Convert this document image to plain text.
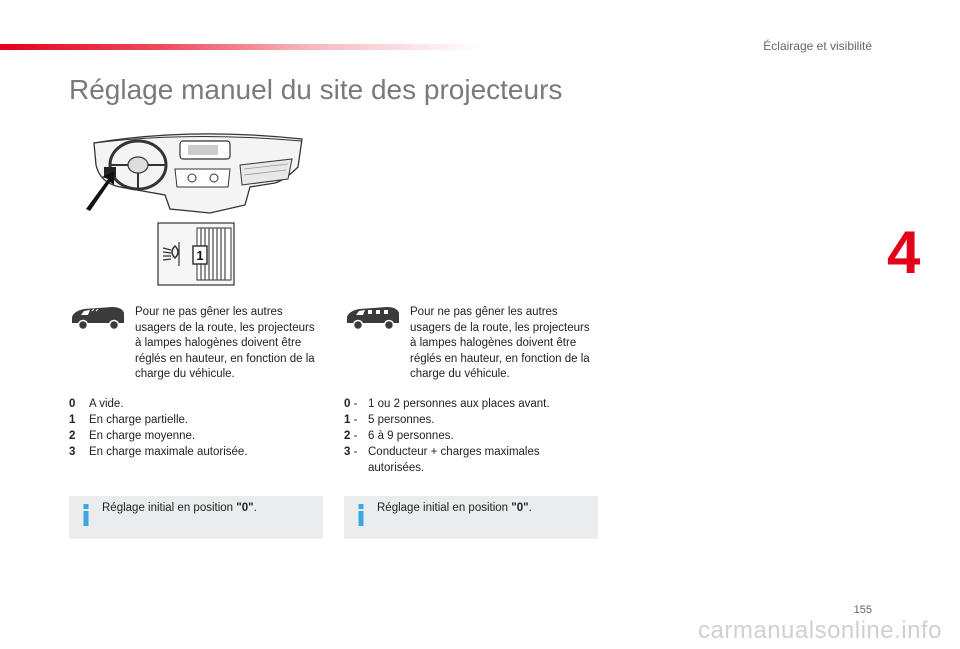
Éclairage et visibilité
Réglage manuel du site des projecteurs
4
1
Pour ne pas gêner les autres usagers de la route, les projecteurs à lampes halogènes doivent être réglés en hauteur, en fonction de la charge du véhicule.
0	A vide.
1	En charge partielle.
2	En charge moyenne.
3	En charge maximale autorisée.
Réglage initial en position "0".
Pour ne pas gêner les autres usagers de la route, les projecteurs à lampes halogènes doivent être réglés en hauteur, en fonction de la charge du véhicule.
0 - 1 ou 2 personnes aux places avant.
1 - 5 personnes.
2 - 6 à 9 personnes.
3 - Conducteur + charges maximales autorisées.
Réglage initial en position "0".
155
carmanualsonline.info
